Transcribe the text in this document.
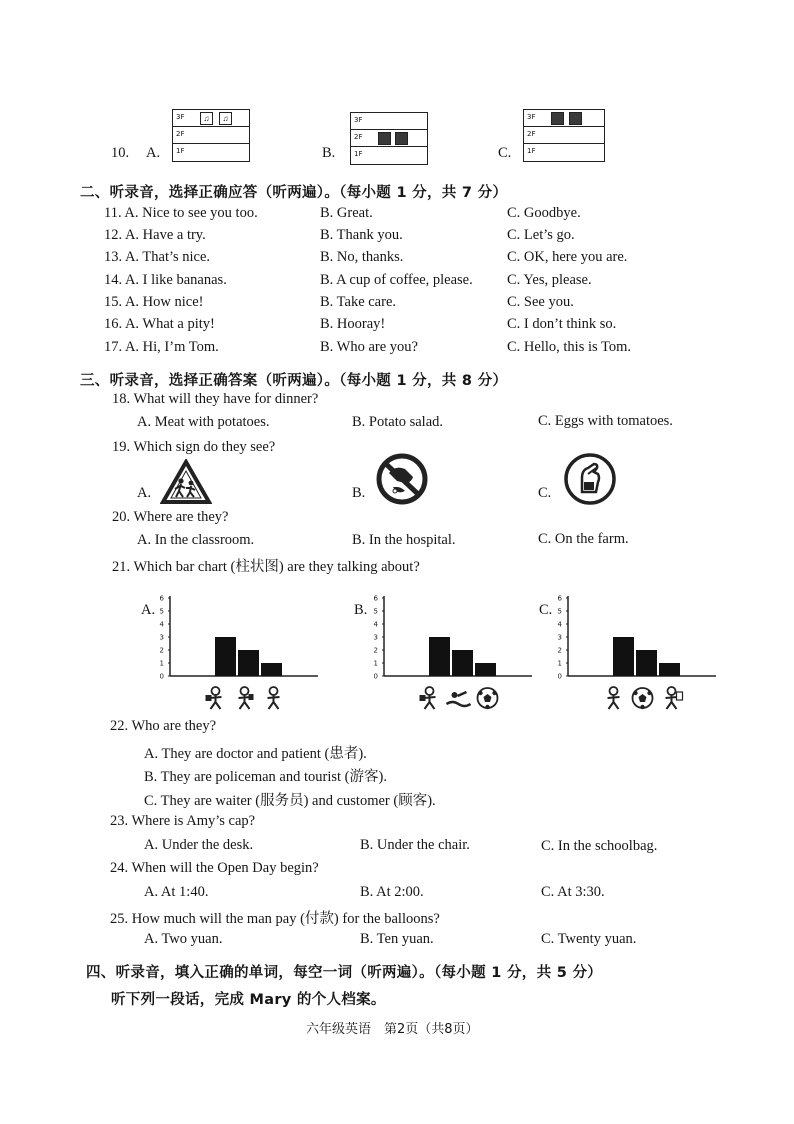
10. A.
3F	♫	♫
2F
1F	B.
3F
2F
1F	C.
3F
2F
1F
二、听录音，选择正确应答（听两遍）。（每小题 1 分，共 7 分）
11. A. Nice to see you too.	B. Great.	C. Goodbye.
12. A. Have a try.	B. Thank you.	C. Let’s go.
13. A. That’s nice.	B. No, thanks.	C. OK, here you are.
14. A. I like bananas.	B. A cup of coffee, please. C. Yes, please.
15. A. How nice!	B. Take care.	C. See you.
16. A. What a pity!	B. Hooray!	C. I don’t think so.
17. A. Hi, I’m Tom.	B. Who are you?	C. Hello, this is Tom.
三、听录音，选择正确答案（听两遍）。（每小题 1 分，共 8 分）
18. What will they have for dinner?
A. Meat with potatoes.	B. Potato salad.	C. Eggs with tomatoes.
19. Which sign do they see?
A.	B.	C.
20. Where are they?
A. In the classroom.	B. In the hospital.	C. On the farm.
21. Which bar chart (柱状图) are they talking about?
A.	B.	C.
0
1
2
3
4
5
6
0
1
2
3
4
5
6
0
1
2
3
4
5
6
22. Who are they?
A. They are doctor and patient (患者).
B. They are policeman and tourist (游客).
C. They are waiter (服务员) and customer (顾客).
23. Where is Amy’s cap?
A. Under the desk.	B. Under the chair.	C. In the schoolbag.
24. When will the Open Day begin?
A. At 1:40.	B. At 2:00.	C. At 3:30.
25. How much will the man pay (付款) for the balloons?
A. Two yuan.	B. Ten yuan.	C. Twenty yuan.
四、听录音，填入正确的单词，每空一词（听两遍）。（每小题 1 分，共 5 分）
听下列一段话，完成 Mary 的个人档案。
六年级英语　第2页（共8页）
